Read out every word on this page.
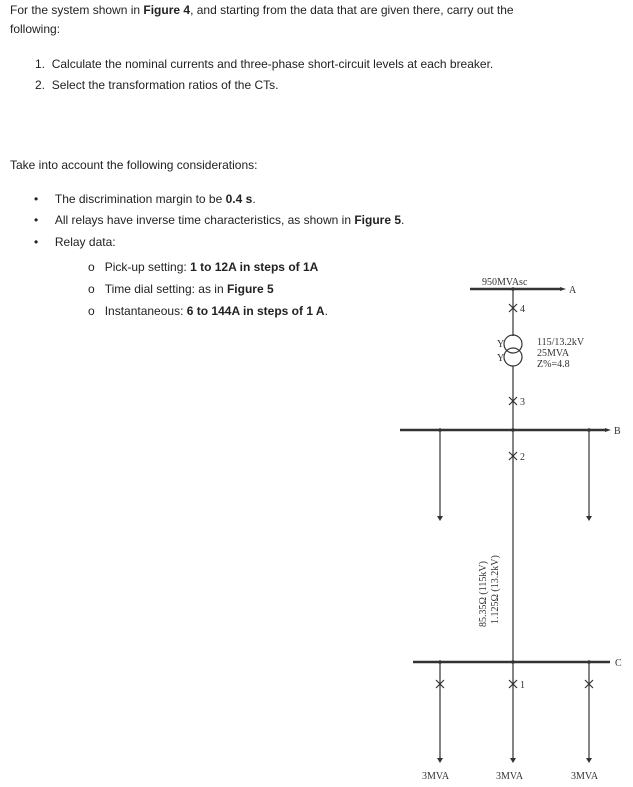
For the system shown in Figure 4, and starting from the data that are given there, carry out the
following:
1. Calculate the nominal currents and three-phase short-circuit levels at each breaker.
2. Select the transformation ratios of the CTs.
Take into account the following considerations:
•     The discrimination margin to be 0.4 s.
•     All relays have inverse time characteristics, as shown in Figure 5.
•     Relay data:
o   Pick-up setting: 1 to 12A in steps of 1A
o   Time dial setting: as in Figure 5
o   Instantaneous: 6 to 144A in steps of 1 A.
950MVAsc
A
4
Y
Y
115/13.2kV
25MVA
Z%=4.8
3
B
2
85.35Ω (115kV) 1.125Ω (13.2kV)
C
1
3MVA	3MVA	3MVA
